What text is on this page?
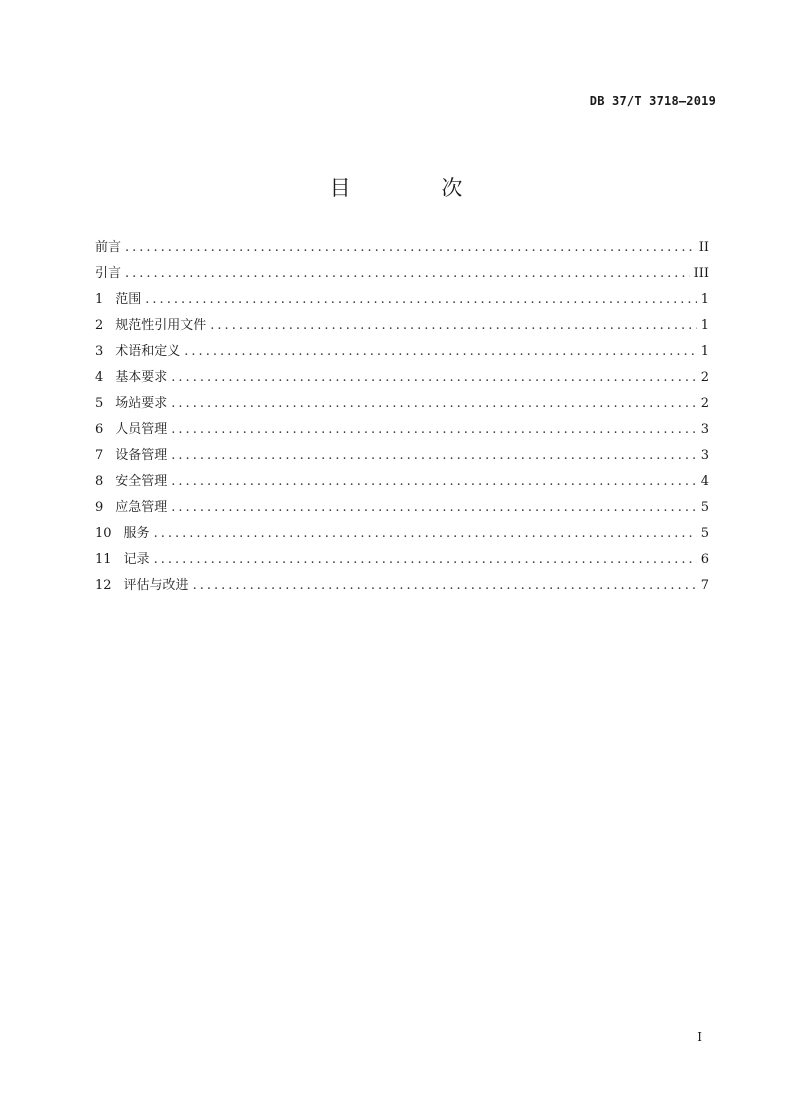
DB 37/T 3718—2019
目 次
前言 .....	II
引言 .....	III
1 范围 .....	1
2 规范性引用文件 .....	1
3 术语和定义 .....	1
4 基本要求 .....	2
5 场站要求 .....	2
6 人员管理 .....	3
7 设备管理 .....	3
8 安全管理 .....	4
9 应急管理 .....	5
10 服务 .....	5
11 记录 .....	6
12 评估与改进 .....	7
I
